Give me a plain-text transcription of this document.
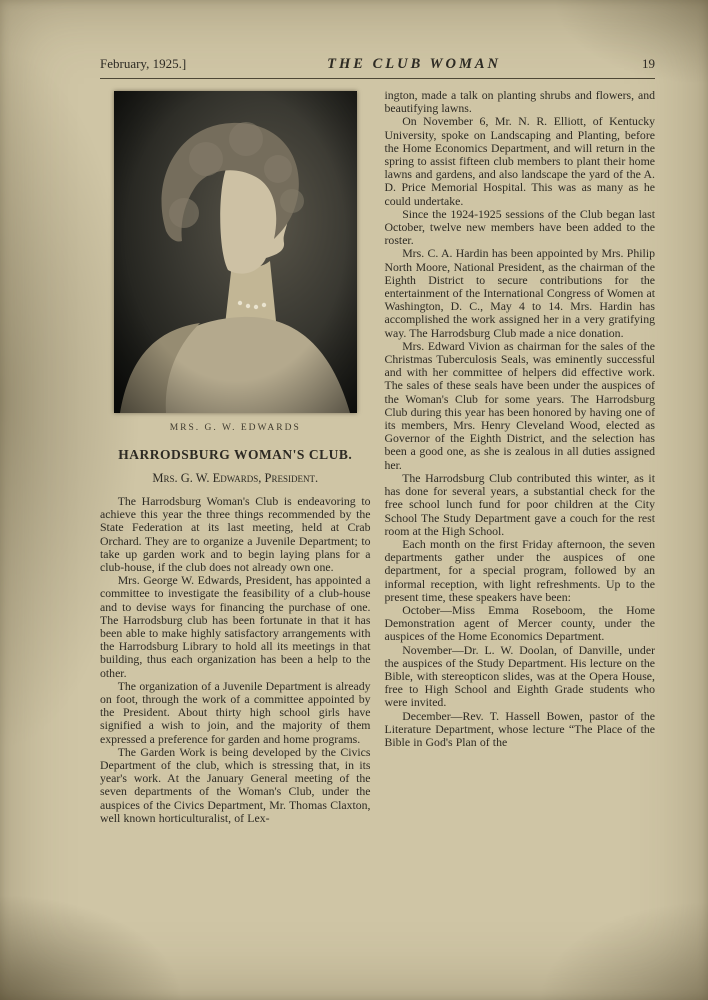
February, 1925.]	THE CLUB WOMAN	19
MRS. G. W. EDWARDS
HARRODSBURG WOMAN'S CLUB.
Mrs. G. W. Edwards, President.

The Harrodsburg Woman's Club is endeavoring to achieve this year the three things recommended by the State Federation at its last meeting, held at Crab Orchard. They are to organize a Juvenile Department; to take up garden work and to begin laying plans for a club-house, if the club does not already own one.

Mrs. George W. Edwards, President, has appointed a committee to investigate the feasibility of a club-house and to devise ways for financing the purchase of one. The Harrodsburg club has been fortunate in that it has been able to make highly satisfactory arrangements with the Harrodsburg Library to hold all its meetings in that building, thus each organization has been a help to the other.

The organization of a Juvenile Department is already on foot, through the work of a committee appointed by the President. About thirty high school girls have signified a wish to join, and the majority of them expressed a preference for garden and home programs.

The Garden Work is being developed by the Civics Department of the club, which is stressing that, in its year's work. At the January General meeting of the seven departments of the Woman's Club, under the auspices of the Civics Department, Mr. Thomas Claxton, well known horticulturalist, of Lex-

ington, made a talk on planting shrubs and flowers, and beautifying lawns.

On November 6, Mr. N. R. Elliott, of Kentucky University, spoke on Landscaping and Planting, before the Home Economics Department, and will return in the spring to assist fifteen club members to plant their home lawns and gardens, and also landscape the yard of the A. D. Price Memorial Hospital. This was as many as he could undertake.

Since the 1924-1925 sessions of the Club began last October, twelve new members have been added to the roster.

Mrs. C. A. Hardin has been appointed by Mrs. Philip North Moore, National President, as the chairman of the Eighth District to secure contributions for the entertainment of the International Congress of Women at Washington, D. C., May 4 to 14. Mrs. Hardin has accomplished the work assigned her in a very gratifying way. The Harrodsburg Club made a nice donation.

Mrs. Edward Vivion as chairman for the sales of the Christmas Tuberculosis Seals, was eminently successful and with her committee of helpers did effective work. The sales of these seals have been under the auspices of the Woman's Club for some years. The Harrodsburg Club during this year has been honored by having one of its members, Mrs. Henry Cleveland Wood, elected as Governor of the Eighth District, and the selection has been a good one, as she is zealous in all duties assigned her.

The Harrodsburg Club contributed this winter, as it has done for several years, a substantial check for the free school lunch fund for poor children at the City School The Study Department gave a couch for the rest room at the High School.

Each month on the first Friday afternoon, the seven departments gather under the auspices of one department, for a special program, followed by an informal reception, with light refreshments. Up to the present time, these speakers have been:

October—Miss Emma Roseboom, the Home Demonstration agent of Mercer county, under the auspices of the Home Economics Department.

November—Dr. L. W. Doolan, of Danville, under the auspices of the Study Department. His lecture on the Bible, with stereopticon slides, was at the Opera House, free to High School and Eighth Grade students who were invited.

December—Rev. T. Hassell Bowen, pastor of the Literature Department, whose lecture “The Place of the Bible in God's Plan of the
